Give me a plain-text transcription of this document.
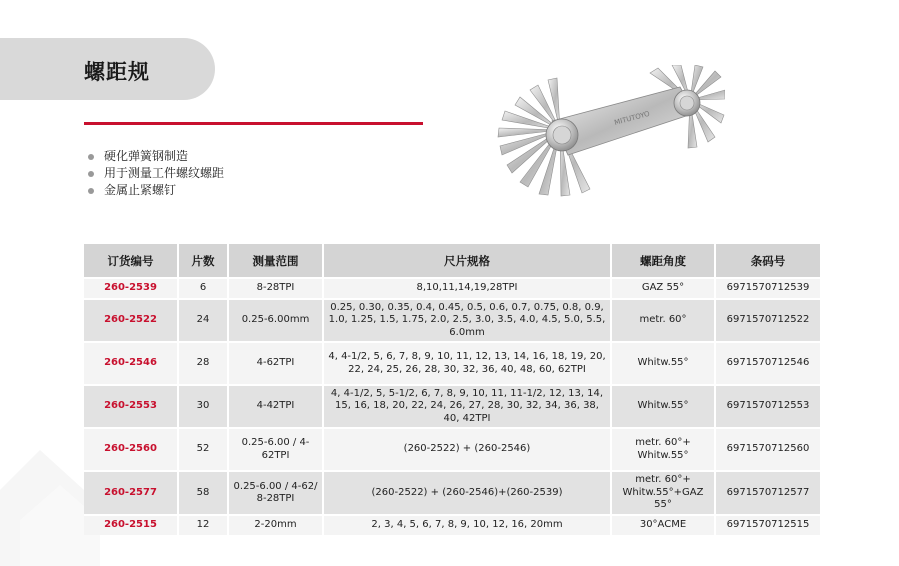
螺距规
硬化弹簧钢制造
用于测量工件螺纹螺距
金属止紧螺钉
MITUTOYO
订货编号	片数	测量范围	尺片规格	螺距角度	条码号
260-2539	6	8-28TPI	8,10,11,14,19,28TPI	GAZ 55°	6971570712539
260-2522	24	0.25-6.00mm	0.25, 0.30, 0.35, 0.4, 0.45, 0.5, 0.6, 0.7, 0.75, 0.8, 0.9, 1.0, 1.25, 1.5, 1.75, 2.0, 2.5, 3.0, 3.5, 4.0, 4.5, 5.0, 5.5, 6.0mm	metr. 60°	6971570712522
260-2546	28	4-62TPI	4, 4-1/2, 5, 6, 7, 8, 9, 10, 11, 12, 13, 14, 16, 18, 19, 20, 22, 24, 25, 26, 28, 30, 32, 36, 40, 48, 60, 62TPI	Whitw.55°	6971570712546
260-2553	30	4-42TPI	4, 4-1/2, 5, 5-1/2, 6, 7, 8, 9, 10, 11, 11-1/2, 12, 13, 14, 15, 16, 18, 20, 22, 24, 26, 27, 28, 30, 32, 34, 36, 38, 40, 42TPI	Whitw.55°	6971570712553
260-2560	52	0.25-6.00 / 4-62TPI	(260-2522) + (260-2546)	metr. 60°+ Whitw.55°	6971570712560
260-2577	58	0.25-6.00 / 4-62/ 8-28TPI	(260-2522) + (260-2546)+(260-2539)	metr. 60°+ Whitw.55°+GAZ 55°	6971570712577
260-2515	12	2-20mm	2, 3, 4, 5, 6, 7, 8, 9, 10, 12, 16, 20mm	30°ACME	6971570712515
